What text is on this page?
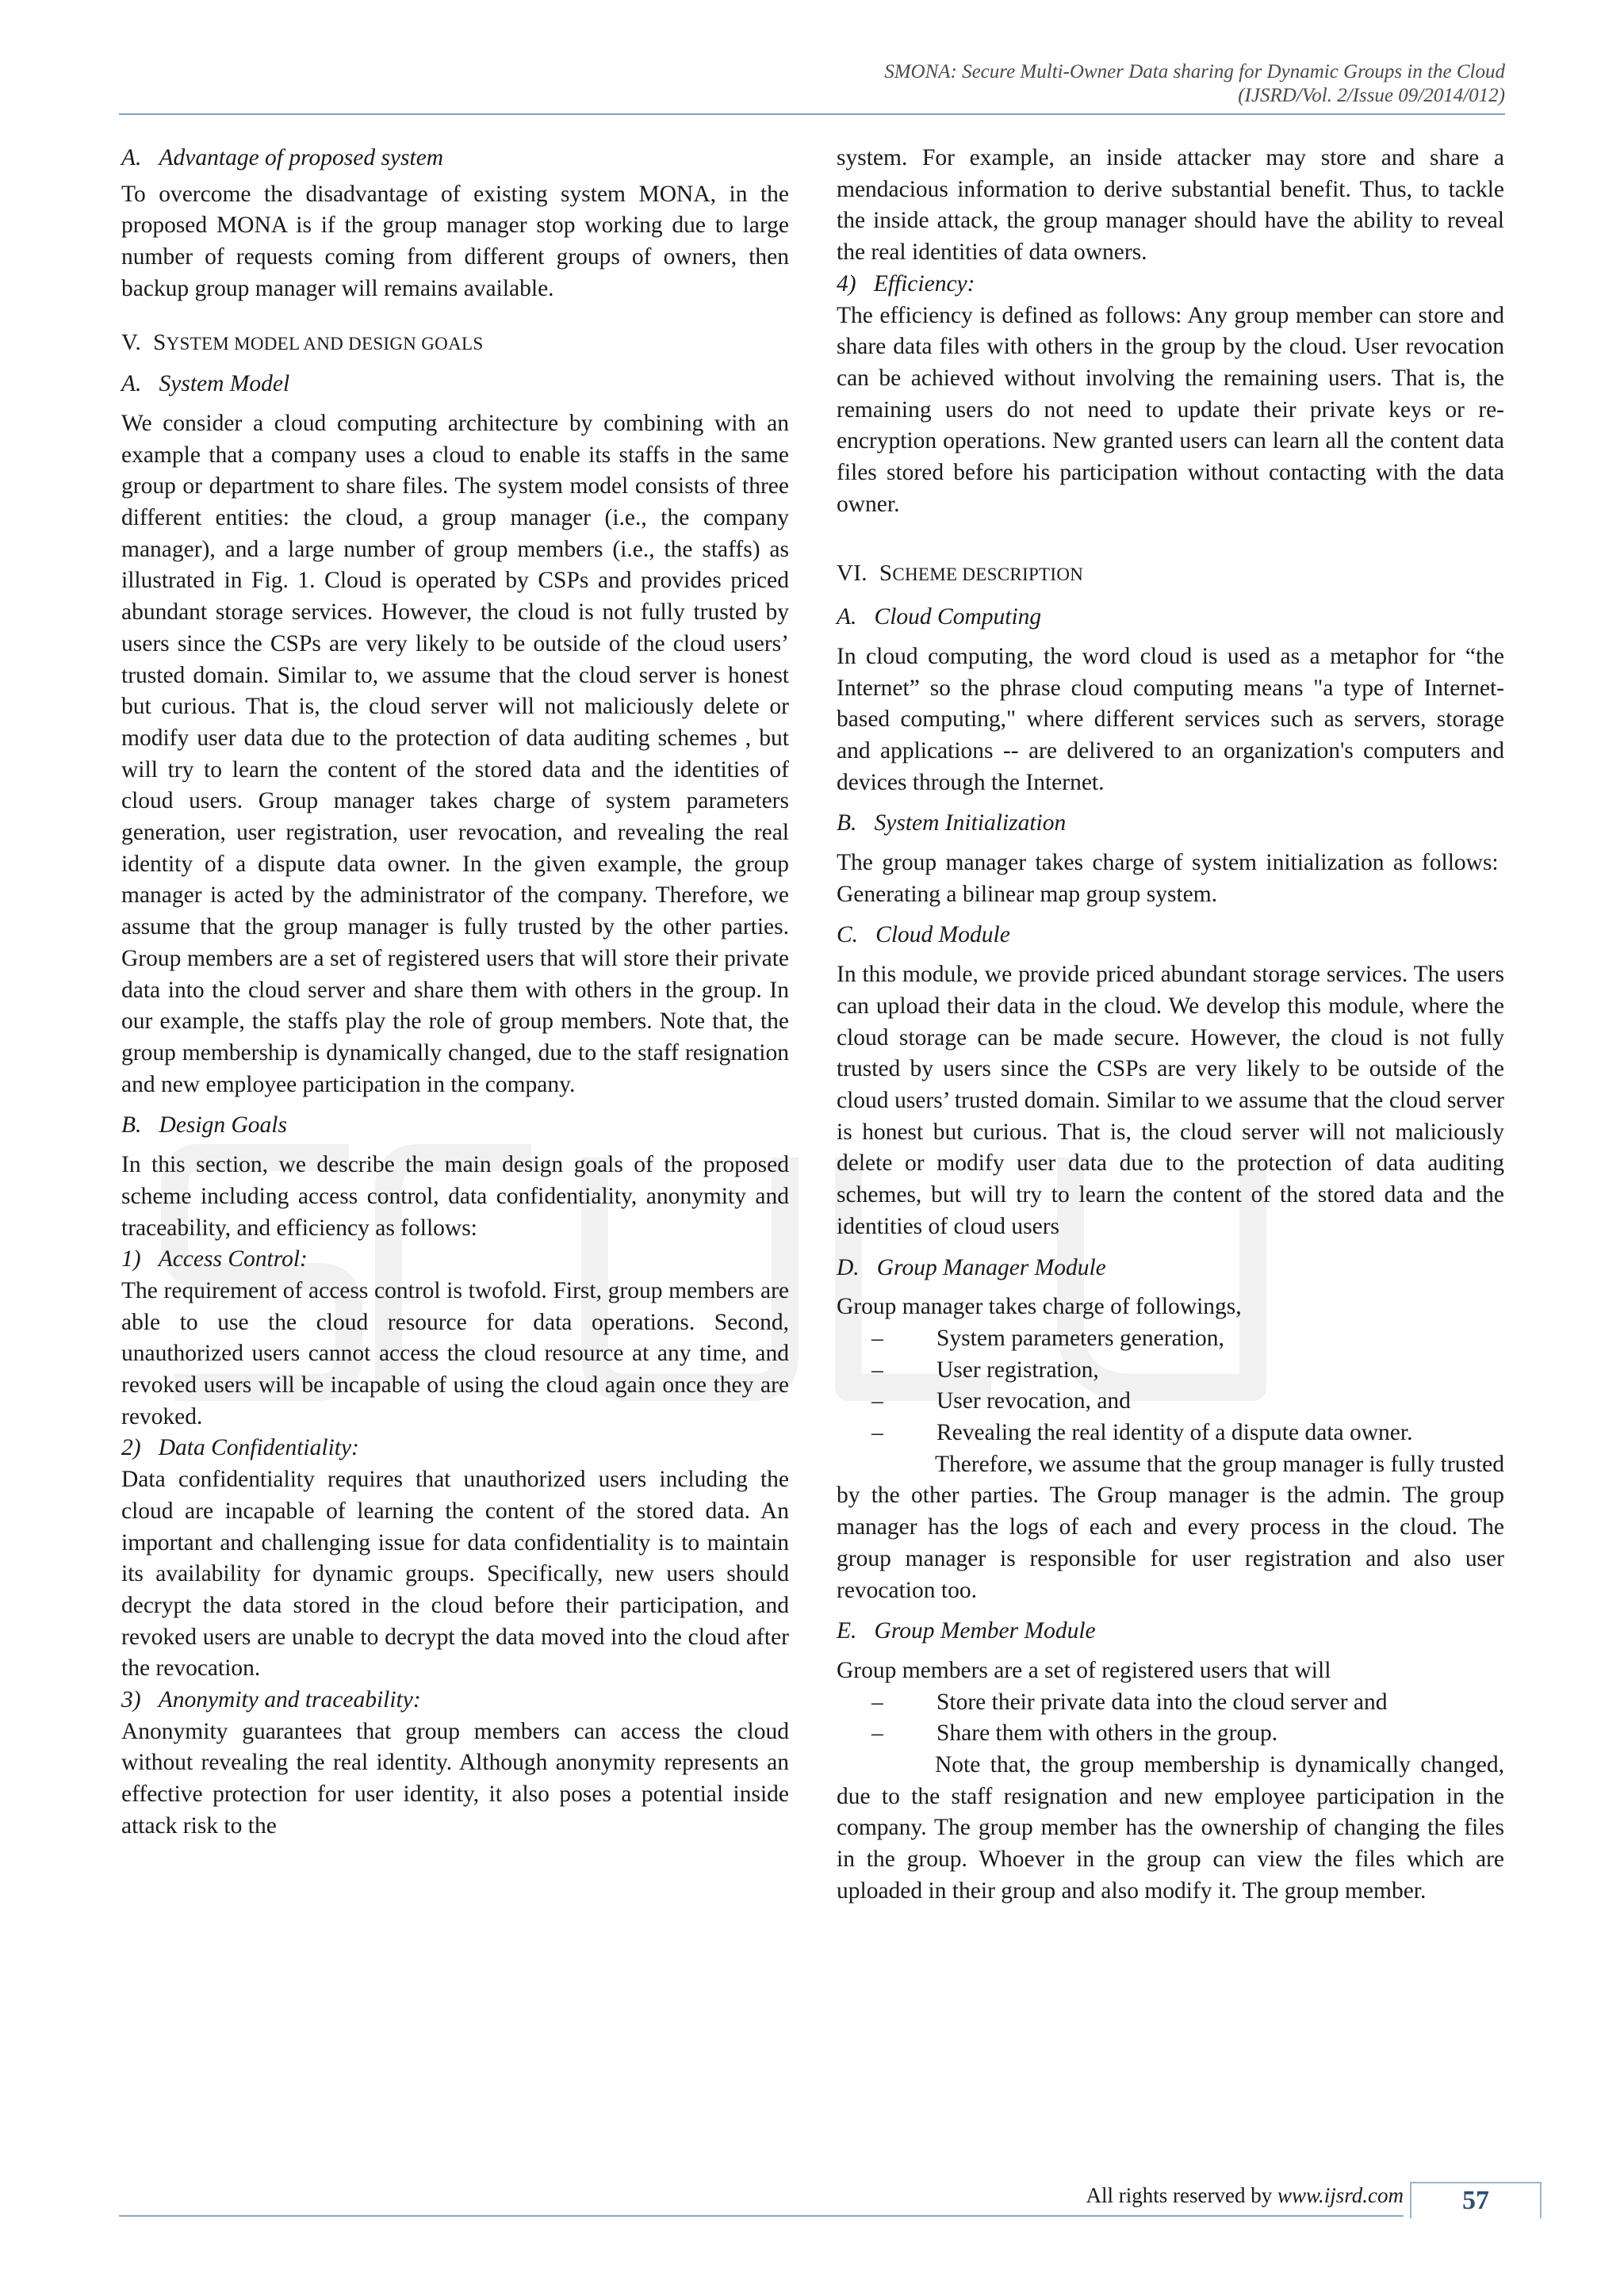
SMONA: Secure Multi-Owner Data sharing for Dynamic Groups in the Cloud
(IJSRD/Vol. 2/Issue 09/2014/012)

A.   Advantage of proposed system

To overcome the disadvantage of existing system MONA, in the proposed MONA is if the group manager stop working due to large number of requests coming from different groups of owners, then backup group manager will remains available.

V. SYSTEM MODEL AND DESIGN GOALS

A.   System Model

We consider a cloud computing architecture by combining with an example that a company uses a cloud to enable its staffs in the same group or department to share files. The system model consists of three different entities: the cloud, a group manager (i.e., the company manager), and a large number of group members (i.e., the staffs) as illustrated in Fig. 1. Cloud is operated by CSPs and provides priced abundant storage services. However, the cloud is not fully trusted by users since the CSPs are very likely to be outside of the cloud users’ trusted domain. Similar to, we assume that the cloud server is honest but curious. That is, the cloud server will not maliciously delete or modify user data due to the protection of data auditing schemes , but will try to learn the content of the stored data and the identities of cloud users. Group manager takes charge of system parameters generation, user registration, user revocation, and revealing the real identity of a dispute data owner. In the given example, the group manager is acted by the administrator of the company. Therefore, we assume that the group manager is fully trusted by the other parties. Group members are a set of registered users that will store their private data into the cloud server and share them with others in the group. In our example, the staffs play the role of group members. Note that, the group membership is dynamically changed, due to the staff resignation and new employee participation in the company.

B.   Design Goals

In this section, we describe the main design goals of the proposed scheme including access control, data confidentiality, anonymity and traceability, and efficiency as follows:

1)   Access Control:

The requirement of access control is twofold. First, group members are able to use the cloud resource for data operations. Second, unauthorized users cannot access the cloud resource at any time, and revoked users will be incapable of using the cloud again once they are revoked.

2)   Data Confidentiality:

Data confidentiality requires that unauthorized users including the cloud are incapable of learning the content of the stored data. An important and challenging issue for data confidentiality is to maintain its availability for dynamic groups. Specifically, new users should decrypt the data stored in the cloud before their participation, and revoked users are unable to decrypt the data moved into the cloud after the revocation.

3)   Anonymity and traceability:

Anonymity guarantees that group members can access the cloud without revealing the real identity. Although anonymity represents an effective protection for user identity, it also poses a potential inside attack risk to the

system. For example, an inside attacker may store and share a mendacious information to derive substantial benefit. Thus, to tackle the inside attack, the group manager should have the ability to reveal the real identities of data owners.

4)   Efficiency:

The efficiency is defined as follows: Any group member can store and share data files with others in the group by the cloud. User revocation can be achieved without involving the remaining users. That is, the remaining users do not need to update their private keys or re-encryption operations. New granted users can learn all the content data files stored before his participation without contacting with the data owner.

VI. SCHEME DESCRIPTION

A.   Cloud Computing

In cloud computing, the word cloud is used as a metaphor for “the Internet” so the phrase cloud computing means "a type of Internet-based computing," where different services such as servers, storage and applications -- are delivered to an organization's computers and devices through the Internet.

B.   System Initialization

The group manager takes charge of system initialization as follows:  Generating a bilinear map group system.

C.   Cloud Module

In this module, we provide priced abundant storage services. The users can upload their data in the cloud. We develop this module, where the cloud storage can be made secure. However, the cloud is not fully trusted by users since the CSPs are very likely to be outside of the cloud users’ trusted domain. Similar to we assume that the cloud server is honest but curious. That is, the cloud server will not maliciously delete or modify user data due to the protection of data auditing schemes, but will try to learn the content of the stored data and the identities of cloud users

D.   Group Manager Module

Group manager takes charge of followings,

– System parameters generation,
– User registration,
– User revocation, and
– Revealing the real identity of a dispute data owner.

Therefore, we assume that the group manager is fully trusted by the other parties. The Group manager is the admin. The group manager has the logs of each and every process in the cloud. The group manager is responsible for user registration and also user revocation too.

E.   Group Member Module

Group members are a set of registered users that will

– Store their private data into the cloud server and
– Share them with others in the group.

Note that, the group membership is dynamically changed, due to the staff resignation and new employee participation in the company. The group member has the ownership of changing the files in the group. Whoever in the group can view the files which are uploaded in their group and also modify it. The group member.

All rights reserved by www.ijsrd.com	57
